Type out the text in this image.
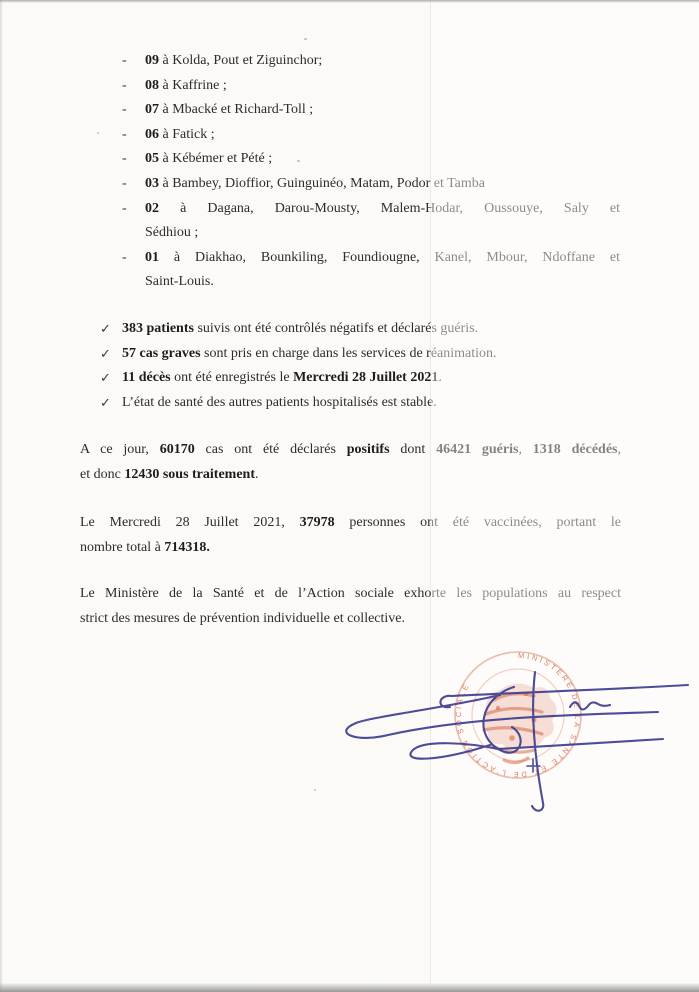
-	09 à Kolda, Pout et Ziguinchor;
-	08 à Kaffrine ;
-	07 à Mbacké et Richard-Toll ;
-	06 à Fatick ;
-	05 à Kébémer et Pété ;
-	03 à Bambey, Dioffior, Guinguinéo, Matam, Podor et Tamba
-	02 à Dagana, Darou-Mousty, Malem-Hodar, Oussouye, Saly et
Sédhiou ;
-	01 à Diakhao, Bounkiling, Foundiougne, Kanel, Mbour, Ndoffane et
Saint-Louis.
✓ 383 patients suivis ont été contrôlés négatifs et déclarés guéris.
✓ 57 cas graves sont pris en charge dans les services de réanimation.
✓ 11 décès ont été enregistrés le Mercredi 28 Juillet 2021.
✓ L’état de santé des autres patients hospitalisés est stable.

A ce jour, 60170 cas ont été déclarés positifs dont 46421 guéris, 1318 décédés,
et donc 12430 sous traitement.

Le Mercredi 28 Juillet 2021, 37978 personnes ont été vaccinées, portant le
nombre total à 714318.

Le Ministère de la Santé et de l’Action sociale exhorte les populations au respect
strict des mesures de prévention individuelle et collective.

MINISTERE DE LA SANTE ET DE L’ACTION SOCIALE
